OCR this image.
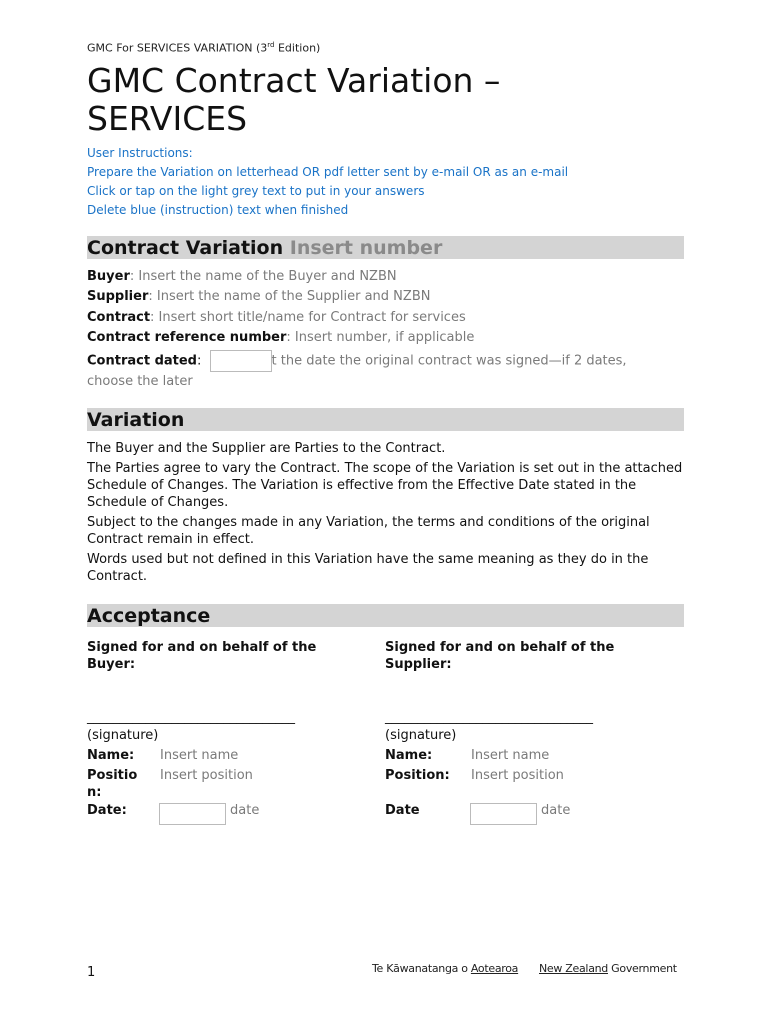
GMC For SERVICES VARIATION (3rd Edition)
GMC Contract Variation –
SERVICES
User Instructions:
Prepare the Variation on letterhead OR pdf letter sent by e-mail OR as an e-mail
Click or tap on the light grey text to put in your answers
Delete blue (instruction) text when finished
Contract Variation Insert number
Buyer: Insert the name of the Buyer and NZBN
Supplier: Insert the name of the Supplier and NZBN
Contract: Insert short title/name for Contract for services
Contract reference number: Insert number, if applicable
Contract dated:	t the date the original contract was signed—if 2 dates,
choose the later
Variation
The Buyer and the Supplier are Parties to the Contract.
The Parties agree to vary the Contract. The scope of the Variation is set out in the attached Schedule of Changes. The Variation is effective from the Effective Date stated in the Schedule of Changes.
Subject to the changes made in any Variation, the terms and conditions of the original Contract remain in effect.
Words used but not defined in this Variation have the same meaning as they do in the Contract.
Acceptance
Signed for and on behalf of the Buyer:
Signed for and on behalf of the Supplier:
________________________________	________________________________
(signature)	(signature)
Name: Insert name
Positio
n:
Insert position
Date:	date
Name:	Insert name
Position: Insert position
Date	date
1	Te Kāwanatanga o Aotearoa New Zealand Government
